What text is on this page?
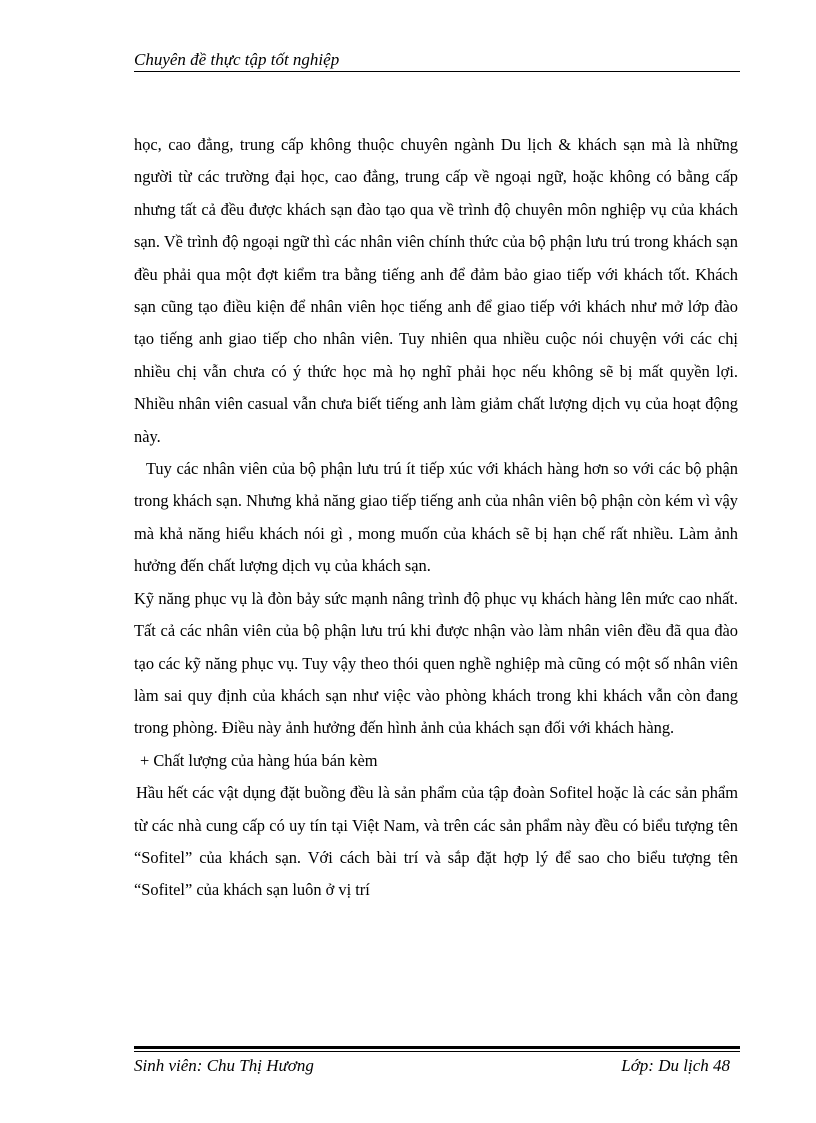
Chuyên đề thực tập tốt nghiệp

học, cao đẳng, trung cấp không thuộc chuyên ngành Du lịch & khách sạn mà là những người từ các trường đại học, cao đẳng, trung cấp về ngoại ngữ, hoặc không có bằng cấp nhưng tất cả đều được khách sạn đào tạo qua về trình độ chuyên môn nghiệp vụ của khách sạn. Về trình độ ngoại ngữ thì các nhân viên chính thức của bộ phận lưu trú trong khách sạn đều phải qua một đợt kiểm tra bằng tiếng anh để đảm bảo giao tiếp với khách tốt. Khách sạn cũng tạo điều kiện để nhân viên học tiếng anh để giao tiếp với khách như mở lớp đào tạo tiếng anh giao tiếp cho nhân viên. Tuy nhiên qua nhiều cuộc nói chuyện với các chị nhiều chị vẫn chưa có ý thức học mà họ nghĩ phải học nếu không sẽ bị mất quyền lợi. Nhiều nhân viên casual vẫn chưa biết tiếng anh làm giảm chất lượng dịch vụ của hoạt động này.

Tuy các nhân viên của bộ phận lưu trú ít tiếp xúc với khách hàng hơn so với các bộ phận trong khách sạn. Nhưng khả năng giao tiếp tiếng anh của nhân viên bộ phận còn kém vì vậy mà khả năng hiểu khách nói gì , mong muốn của khách sẽ bị hạn chế rất nhiều. Làm ảnh hưởng đến chất lượng dịch vụ của khách sạn.

Kỹ năng phục vụ là đòn bảy sức mạnh nâng trình độ phục vụ khách hàng lên mức cao nhất. Tất cả các nhân viên của bộ phận lưu trú khi được nhận vào làm nhân viên đều đã qua đào tạo các kỹ năng phục vụ. Tuy vậy theo thói quen nghề nghiệp mà cũng có một số nhân viên làm sai quy định của khách sạn như việc vào phòng khách trong khi khách vẫn còn đang trong phòng. Điều này ảnh hưởng đến hình ảnh của khách sạn đối với khách hàng.

+ Chất lượng của hàng húa bán kèm

Hầu hết các vật dụng đặt buồng đều là sản phẩm của tập đoàn Sofitel hoặc là các sản phẩm từ các nhà cung cấp có uy tín tại Việt Nam, và trên các sản phẩm này đều có biểu tượng tên “Sofitel” của khách sạn. Với cách bài trí và sắp đặt hợp lý để sao cho biểu tượng tên “Sofitel” của khách sạn luôn ở vị trí

Sinh viên: Chu Thị Hương	Lớp: Du lịch 48
